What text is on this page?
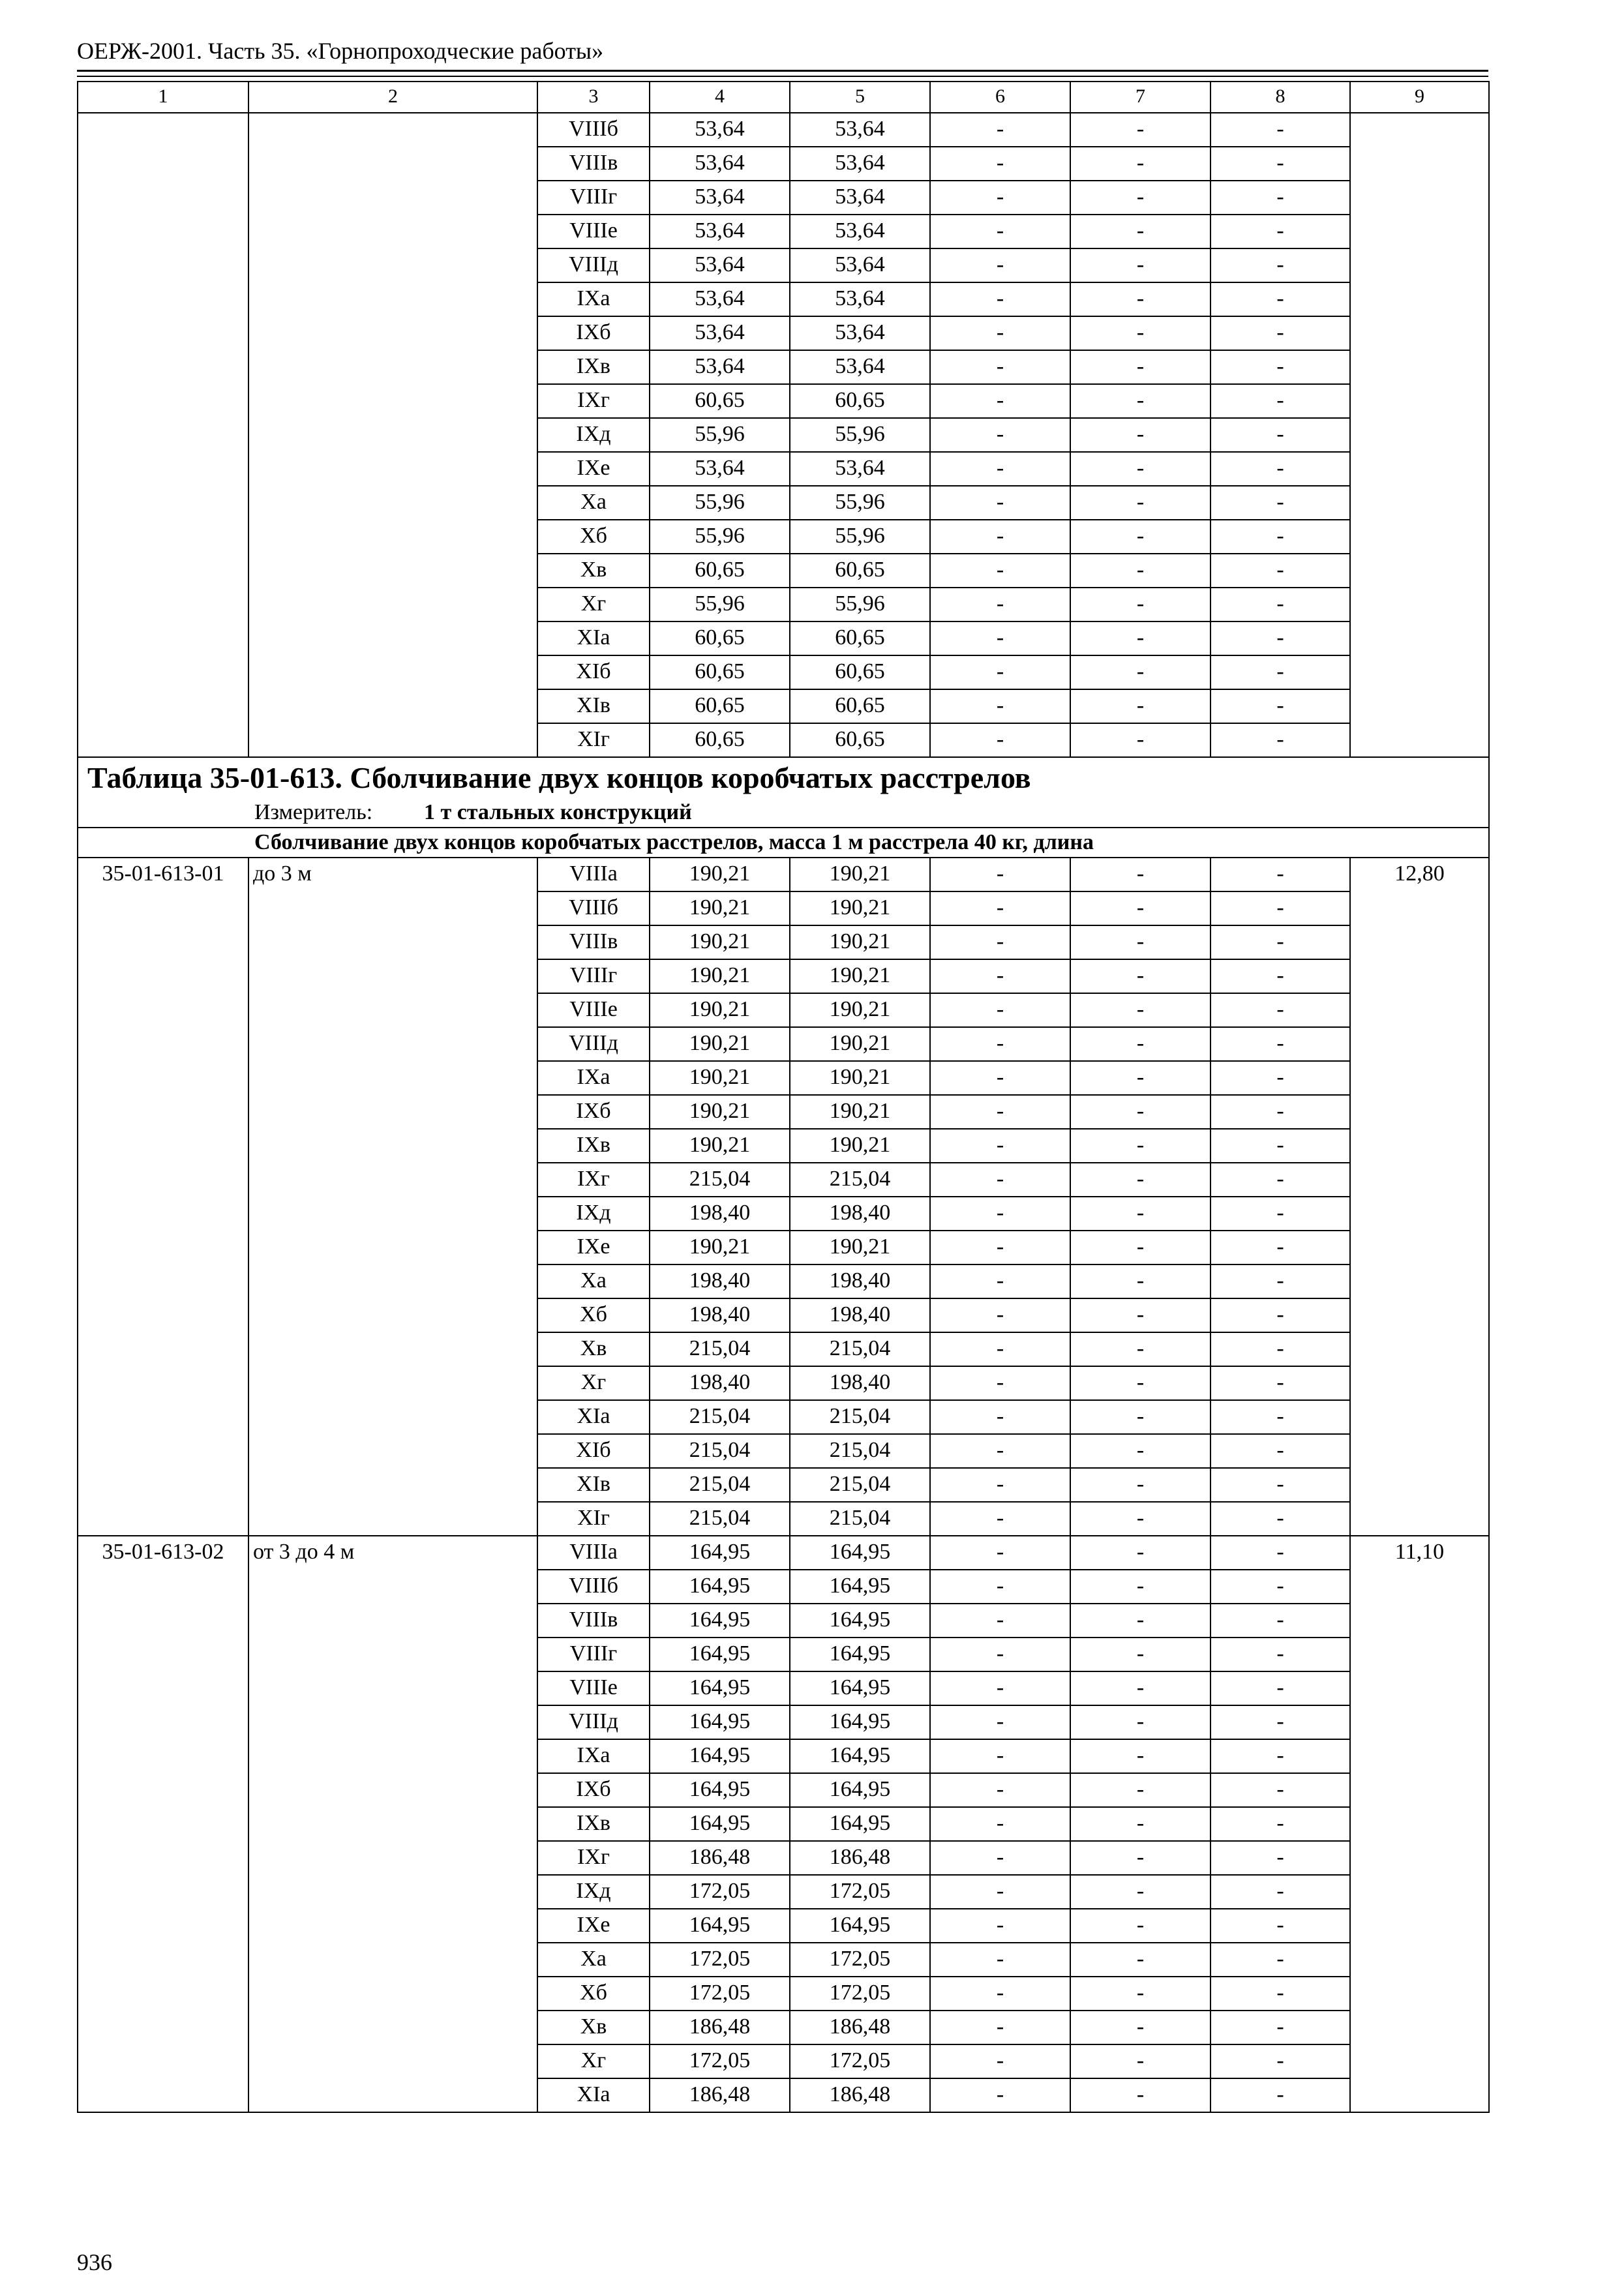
ОЕРЖ-2001. Часть 35. «Горнопроходческие работы»
1	2	3	4	5	6	7	8	9
		VIIIб	53,64	53,64	-	-	-	
		VIIIв	53,64	53,64	-	-	-	
		VIIIг	53,64	53,64	-	-	-	
		VIIIе	53,64	53,64	-	-	-	
		VIIIд	53,64	53,64	-	-	-	
		IXа	53,64	53,64	-	-	-	
		IXб	53,64	53,64	-	-	-	
		IXв	53,64	53,64	-	-	-	
		IXг	60,65	60,65	-	-	-	
		IXд	55,96	55,96	-	-	-	
		IXе	53,64	53,64	-	-	-	
		Xа	55,96	55,96	-	-	-	
		Xб	55,96	55,96	-	-	-	
		Xв	60,65	60,65	-	-	-	
		Xг	55,96	55,96	-	-	-	
		XIа	60,65	60,65	-	-	-	
		XIб	60,65	60,65	-	-	-	
		XIв	60,65	60,65	-	-	-	
		XIг	60,65	60,65	-	-	-	
Таблица 35-01-613. Сболчивание двух концов коробчатых расстрелов								
Измеритель: 1 т стальных конструкций								
Сболчивание двух концов коробчатых расстрелов, масса 1 м расстрела 40 кг, длина								
35-01-613-01	до 3 м	VIIIа	190,21	190,21	-	-	-	12,80
		VIIIб	190,21	190,21	-	-	-	
		VIIIв	190,21	190,21	-	-	-	
		VIIIг	190,21	190,21	-	-	-	
		VIIIе	190,21	190,21	-	-	-	
		VIIIд	190,21	190,21	-	-	-	
		IXа	190,21	190,21	-	-	-	
		IXб	190,21	190,21	-	-	-	
		IXв	190,21	190,21	-	-	-	
		IXг	215,04	215,04	-	-	-	
		IXд	198,40	198,40	-	-	-	
		IXе	190,21	190,21	-	-	-	
		Xа	198,40	198,40	-	-	-	
		Xб	198,40	198,40	-	-	-	
		Xв	215,04	215,04	-	-	-	
		Xг	198,40	198,40	-	-	-	
		XIа	215,04	215,04	-	-	-	
		XIб	215,04	215,04	-	-	-	
		XIв	215,04	215,04	-	-	-	
		XIг	215,04	215,04	-	-	-	
35-01-613-02	от 3 до 4 м	VIIIа	164,95	164,95	-	-	-	11,10
		VIIIб	164,95	164,95	-	-	-	
		VIIIв	164,95	164,95	-	-	-	
		VIIIг	164,95	164,95	-	-	-	
		VIIIе	164,95	164,95	-	-	-	
		VIIIд	164,95	164,95	-	-	-	
		IXа	164,95	164,95	-	-	-	
		IXб	164,95	164,95	-	-	-	
		IXв	164,95	164,95	-	-	-	
		IXг	186,48	186,48	-	-	-	
		IXд	172,05	172,05	-	-	-	
		IXе	164,95	164,95	-	-	-	
		Xа	172,05	172,05	-	-	-	
		Xб	172,05	172,05	-	-	-	
		Xв	186,48	186,48	-	-	-	
		Xг	172,05	172,05	-	-	-	
		XIа	186,48	186,48	-	-	-	
936
